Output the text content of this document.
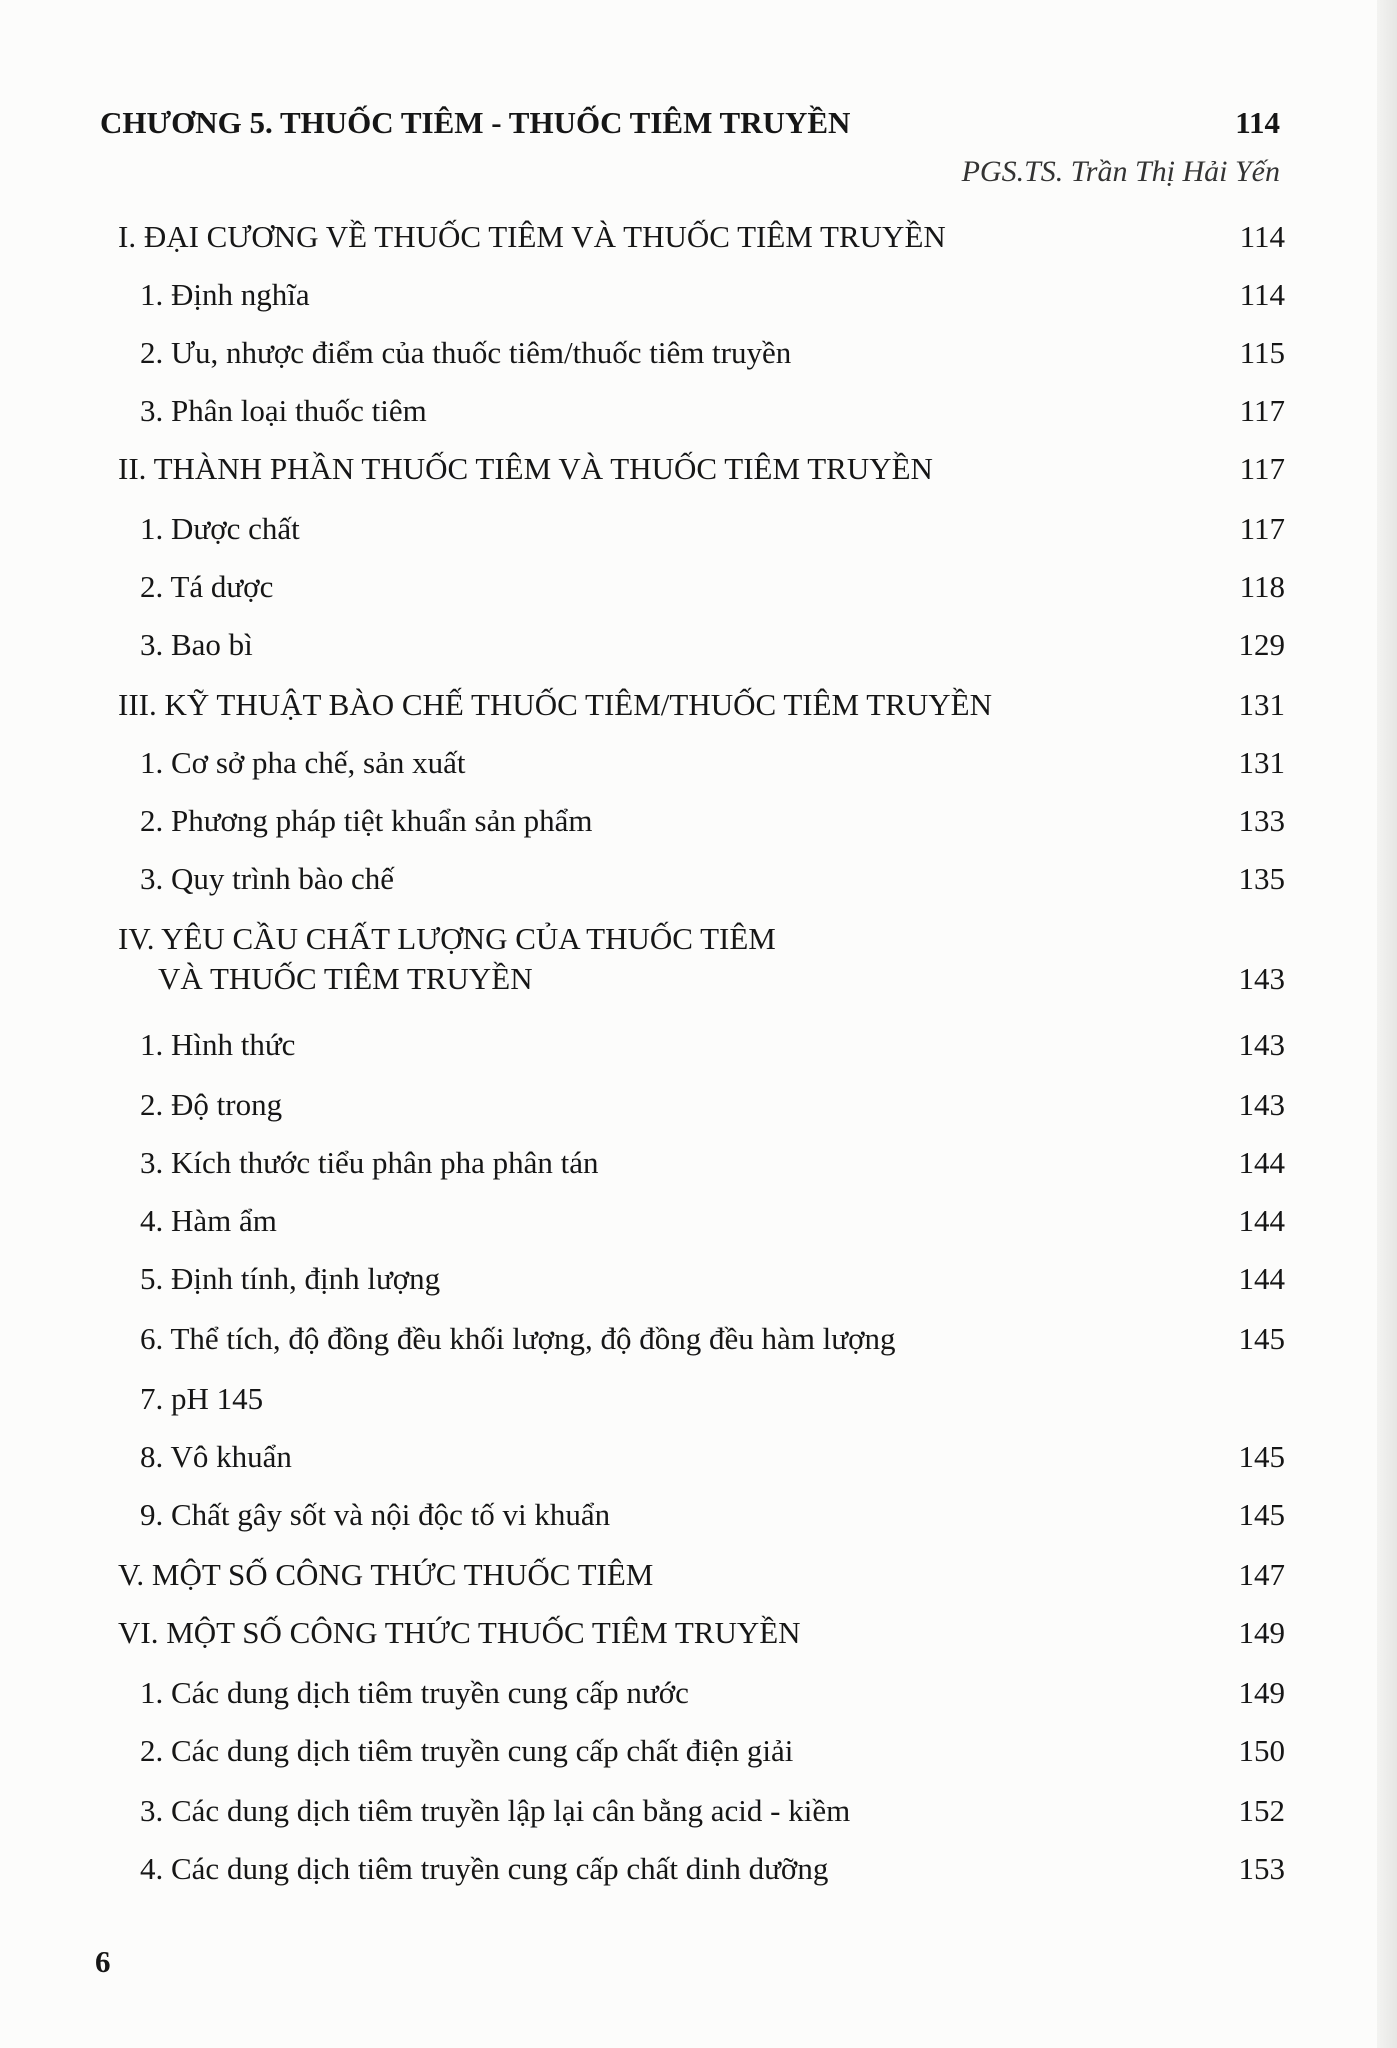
CHƯƠNG 5. THUỐC TIÊM - THUỐC TIÊM TRUYỀN	114
PGS.TS. Trần Thị Hải Yến
I. ĐẠI CƯƠNG VỀ THUỐC TIÊM VÀ THUỐC TIÊM TRUYỀN	114
1. Định nghĩa	114
2. Ưu, nhược điểm của thuốc tiêm/thuốc tiêm truyền	115
3. Phân loại thuốc tiêm	117
II. THÀNH PHẦN THUỐC TIÊM VÀ THUỐC TIÊM TRUYỀN	117
1. Dược chất	117
2. Tá dược	118
3. Bao bì	129
III. KỸ THUẬT BÀO CHẾ THUỐC TIÊM/THUỐC TIÊM TRUYỀN	131
1. Cơ sở pha chế, sản xuất	131
2. Phương pháp tiệt khuẩn sản phẩm	133
3. Quy trình bào chế	135
IV. YÊU CẦU CHẤT LƯỢNG CỦA THUỐC TIÊM
VÀ THUỐC TIÊM TRUYỀN	143
1. Hình thức	143
2. Độ trong	143
3. Kích thước tiểu phân pha phân tán	144
4. Hàm ẩm	144
5. Định tính, định lượng	144
6. Thể tích, độ đồng đều khối lượng, độ đồng đều hàm lượng	145
7. pH 145
8. Vô khuẩn	145
9. Chất gây sốt và nội độc tố vi khuẩn	145
V. MỘT SỐ CÔNG THỨC THUỐC TIÊM	147
VI. MỘT SỐ CÔNG THỨC THUỐC TIÊM TRUYỀN	149
1. Các dung dịch tiêm truyền cung cấp nước	149
2. Các dung dịch tiêm truyền cung cấp chất điện giải	150
3. Các dung dịch tiêm truyền lập lại cân bằng acid - kiềm	152
4. Các dung dịch tiêm truyền cung cấp chất dinh dưỡng	153
6
